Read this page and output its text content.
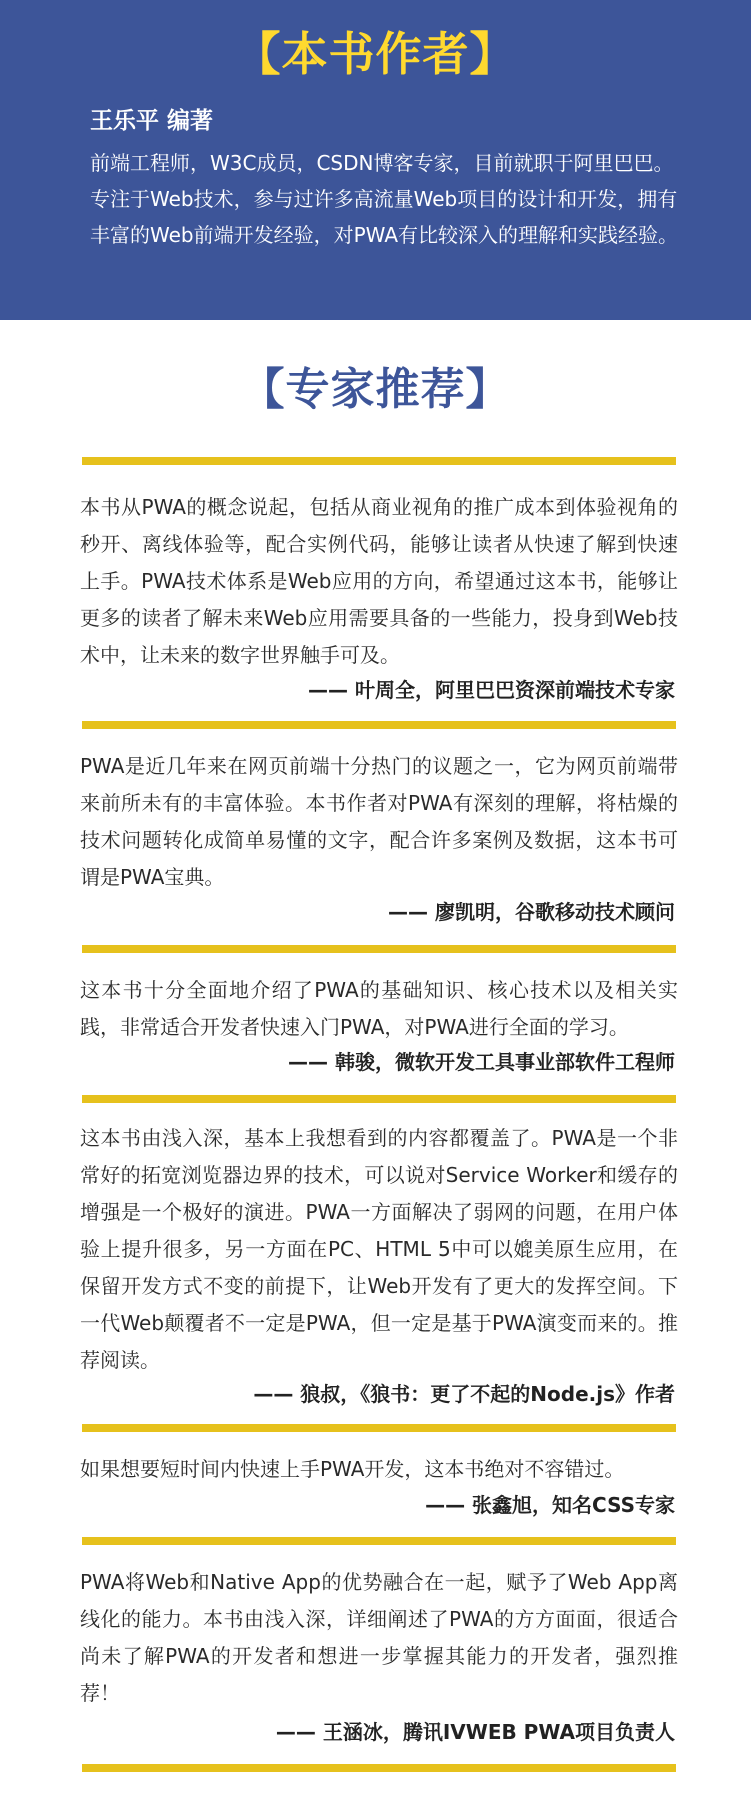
【本书作者】
王乐平 编著

前端工程师，W3C成员，CSDN博客专家，目前就职于阿里巴巴。专注于Web技术，参与过许多高流量Web项目的设计和开发，拥有丰富的Web前端开发经验，对PWA有比较深入的理解和实践经验。

【专家推荐】

本书从PWA的概念说起，包括从商业视角的推广成本到体验视角的秒开、离线体验等，配合实例代码，能够让读者从快速了解到快速上手。PWA技术体系是Web应用的方向，希望通过这本书，能够让更多的读者了解未来Web应用需要具备的一些能力，投身到Web技术中，让未来的数字世界触手可及。

—— 叶周全，阿里巴巴资深前端技术专家

PWA是近几年来在网页前端十分热门的议题之一，它为网页前端带来前所未有的丰富体验。本书作者对PWA有深刻的理解，将枯燥的技术问题转化成简单易懂的文字，配合许多案例及数据，这本书可谓是PWA宝典。

—— 廖凯明，谷歌移动技术顾问

这本书十分全面地介绍了PWA的基础知识、核心技术以及相关实践，非常适合开发者快速入门PWA，对PWA进行全面的学习。

—— 韩骏，微软开发工具事业部软件工程师

这本书由浅入深，基本上我想看到的内容都覆盖了。PWA是一个非常好的拓宽浏览器边界的技术，可以说对Service Worker和缓存的增强是一个极好的演进。PWA一方面解决了弱网的问题，在用户体验上提升很多，另一方面在PC、HTML 5中可以媲美原生应用，在保留开发方式不变的前提下，让Web开发有了更大的发挥空间。下一代Web颠覆者不一定是PWA，但一定是基于PWA演变而来的。推荐阅读。

—— 狼叔，《狼书：更了不起的Node.js》作者

如果想要短时间内快速上手PWA开发，这本书绝对不容错过。

—— 张鑫旭，知名CSS专家

PWA将Web和Native App的优势融合在一起，赋予了Web App离线化的能力。本书由浅入深，详细阐述了PWA的方方面面，很适合尚未了解PWA的开发者和想进一步掌握其能力的开发者，强烈推荐！

—— 王涵冰，腾讯IVWEB PWA项目负责人
